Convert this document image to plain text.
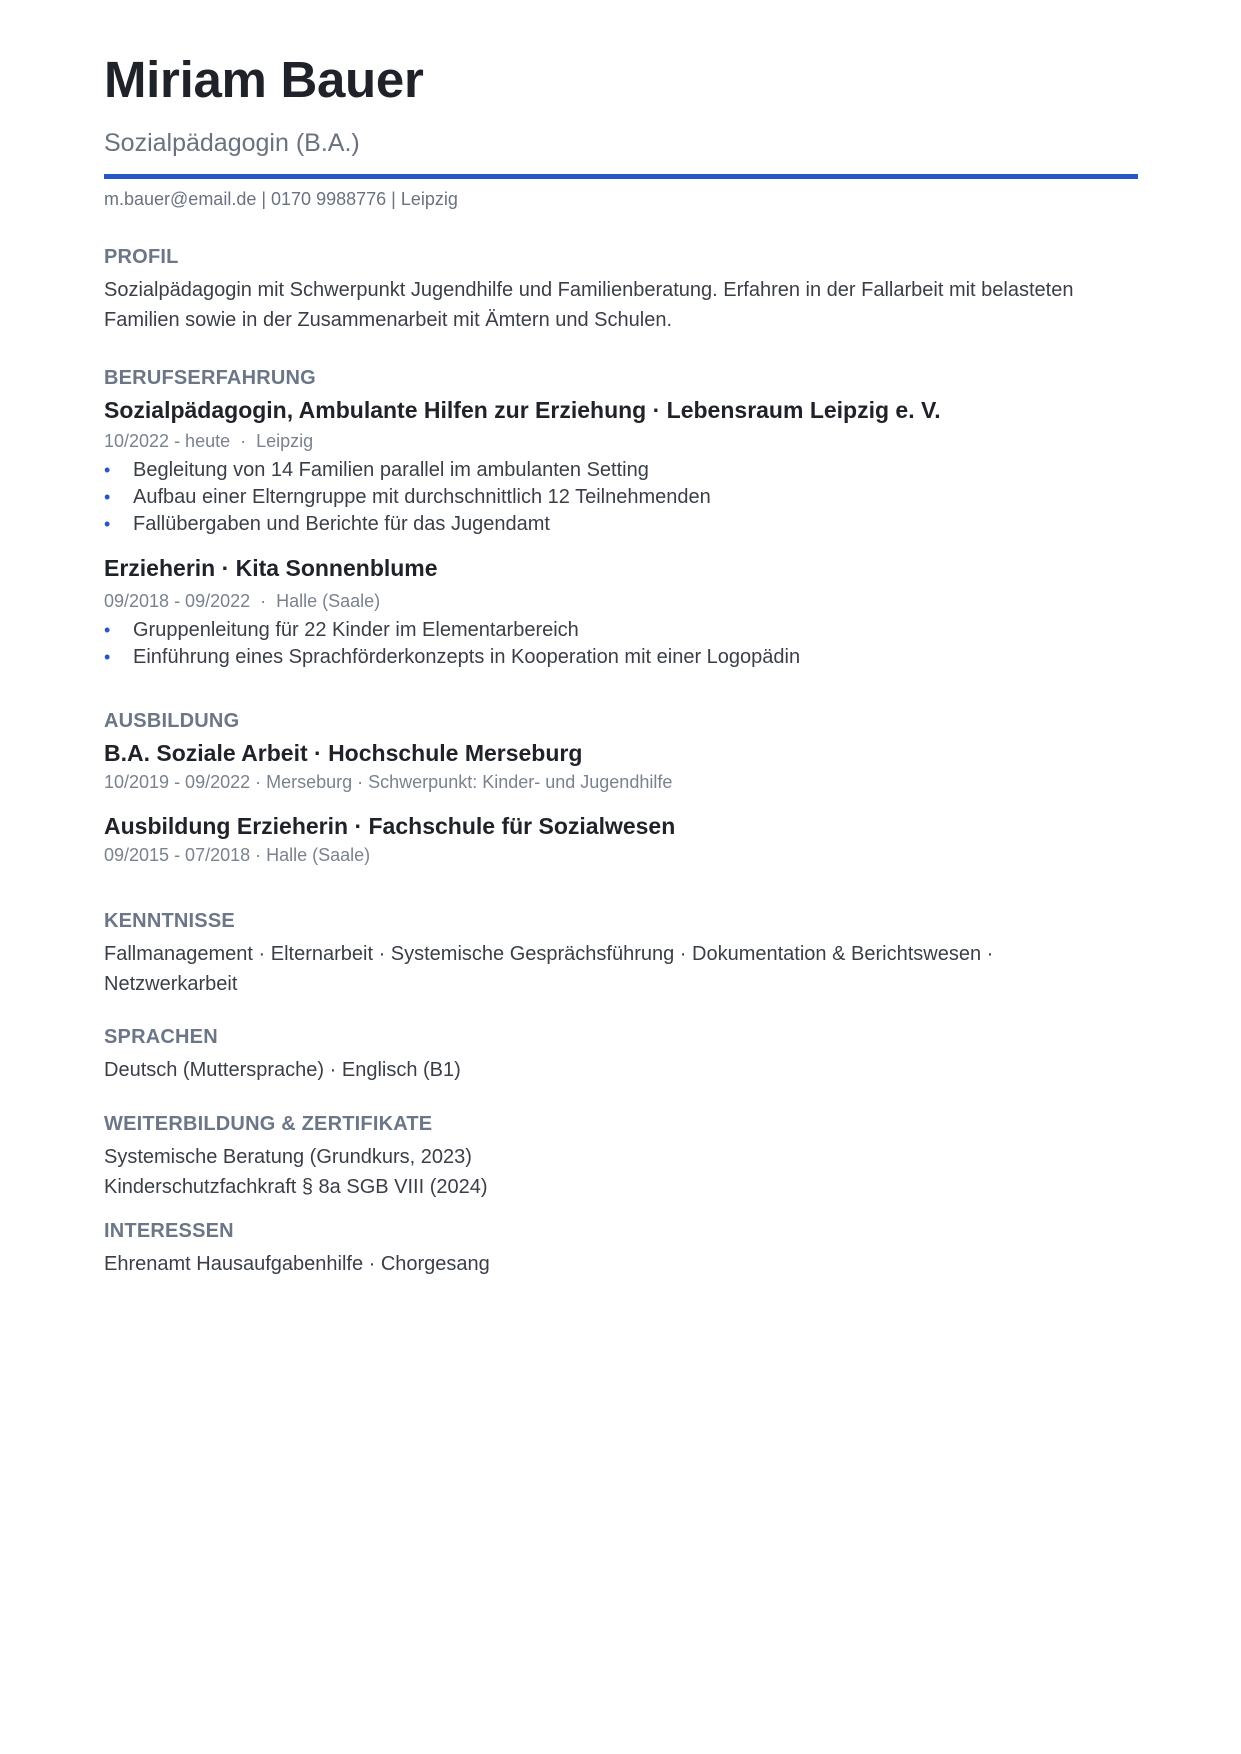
Miriam Bauer
Sozialpädagogin (B.A.)
m.bauer@email.de | 0170 9988776 | Leipzig
PROFIL

Sozialpädagogin mit Schwerpunkt Jugendhilfe und Familienberatung. Erfahren in der Fallarbeit mit belasteten Familien sowie in der Zusammenarbeit mit Ämtern und Schulen.

BERUFSERFAHRUNG
Sozialpädagogin, Ambulante Hilfen zur Erziehung · Lebensraum Leipzig e. V.
10/2022 - heute  ·  Leipzig
• Begleitung von 14 Familien parallel im ambulanten Setting
• Aufbau einer Elterngruppe mit durchschnittlich 12 Teilnehmenden
• Fallübergaben und Berichte für das Jugendamt
Erzieherin · Kita Sonnenblume
09/2018 - 09/2022  ·  Halle (Saale)
• Gruppenleitung für 22 Kinder im Elementarbereich
• Einführung eines Sprachförderkonzepts in Kooperation mit einer Logopädin
AUSBILDUNG
B.A. Soziale Arbeit · Hochschule Merseburg
10/2019 - 09/2022 · Merseburg · Schwerpunkt: Kinder- und Jugendhilfe
Ausbildung Erzieherin · Fachschule für Sozialwesen
09/2015 - 07/2018 · Halle (Saale)
KENNTNISSE

Fallmanagement · Elternarbeit · Systemische Gesprächsführung · Dokumentation & Berichtswesen ·
Netzwerkarbeit

SPRACHEN

Deutsch (Muttersprache) · Englisch (B1)

WEITERBILDUNG & ZERTIFIKATE

Systemische Beratung (Grundkurs, 2023)
Kinderschutzfachkraft § 8a SGB VIII (2024)

INTERESSEN

Ehrenamt Hausaufgabenhilfe · Chorgesang
